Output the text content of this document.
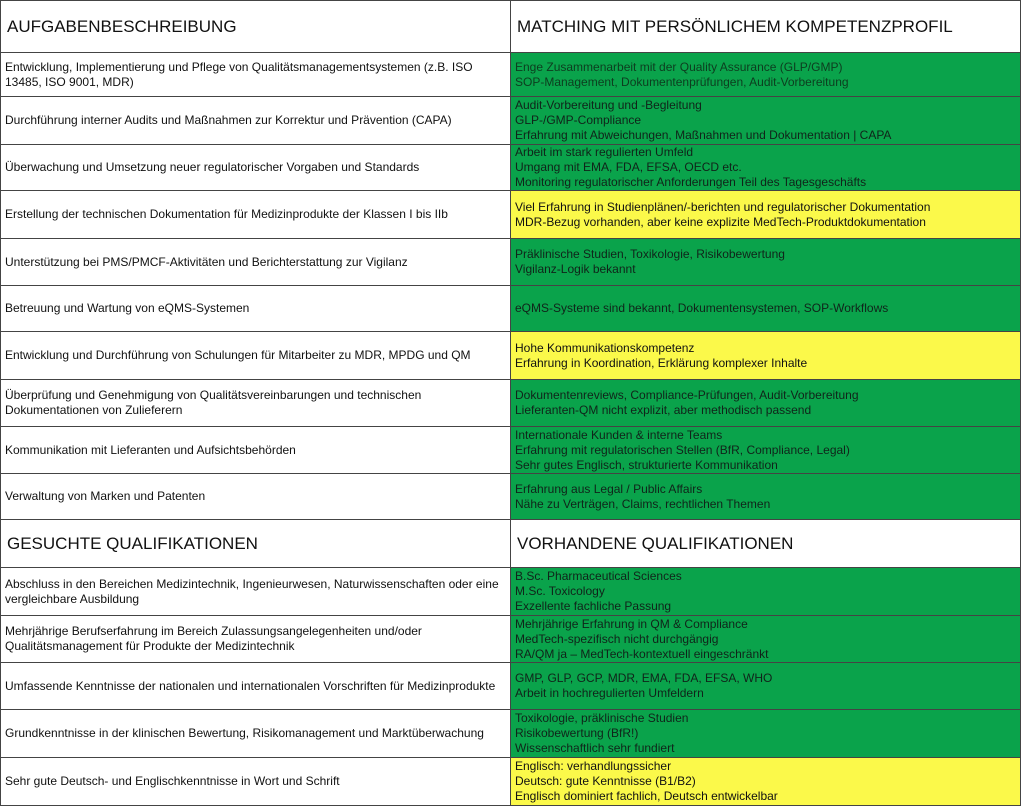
AUFGABENBESCHREIBUNG	MATCHING MIT PERSÖNLICHEM KOMPETENZPROFIL
Entwicklung, Implementierung und Pflege von Qualitätsmanagementsystemen (z.B. ISO 13485, ISO 9001, MDR)	Enge Zusammenarbeit mit der Quality Assurance (GLP/GMP)
SOP-Management, Dokumentenprüfungen, Audit-Vorbereitung

Durchführung interner Audits und Maßnahmen zur Korrektur und Prävention (CAPA)	Audit-Vorbereitung und -Begleitung
GLP-/GMP-Compliance
Erfahrung mit Abweichungen, Maßnahmen und Dokumentation | CAPA

Überwachung und Umsetzung neuer regulatorischer Vorgaben und Standards	Arbeit im stark regulierten Umfeld
Umgang mit EMA, FDA, EFSA, OECD etc.
Monitoring regulatorischer Anforderungen Teil des Tagesgeschäfts

Erstellung der technischen Dokumentation für Medizinprodukte der Klassen I bis IIb	Viel Erfahrung in Studienplänen/-berichten und regulatorischer Dokumentation
MDR-Bezug vorhanden, aber keine explizite MedTech-Produktdokumentation

Unterstützung bei PMS/PMCF-Aktivitäten und Berichterstattung zur Vigilanz	Präklinische Studien, Toxikologie, Risikobewertung
Vigilanz-Logik bekannt

Betreuung und Wartung von eQMS-Systemen	eQMS-Systeme sind bekannt, Dokumentensystemen, SOP-Workflows

Entwicklung und Durchführung von Schulungen für Mitarbeiter zu MDR, MPDG und QM	Hohe Kommunikationskompetenz
Erfahrung in Koordination, Erklärung komplexer Inhalte

Überprüfung und Genehmigung von Qualitätsvereinbarungen und technischen Dokumentationen von Zulieferern	Dokumentenreviews, Compliance-Prüfungen, Audit-Vorbereitung
Lieferanten-QM nicht explizit, aber methodisch passend

Kommunikation mit Lieferanten und Aufsichtsbehörden	Internationale Kunden & interne Teams
Erfahrung mit regulatorischen Stellen (BfR, Compliance, Legal)
Sehr gutes Englisch, strukturierte Kommunikation

Verwaltung von Marken und Patenten	Erfahrung aus Legal / Public Affairs
Nähe zu Verträgen, Claims, rechtlichen Themen

GESUCHTE QUALIFIKATIONEN	VORHANDENE QUALIFIKATIONEN
Abschluss in den Bereichen Medizintechnik, Ingenieurwesen, Naturwissenschaften oder eine vergleichbare Ausbildung	B.Sc. Pharmaceutical Sciences
M.Sc. Toxicology
Exzellente fachliche Passung

Mehrjährige Berufserfahrung im Bereich Zulassungsangelegenheiten und/oder Qualitätsmanagement für Produkte der Medizintechnik	Mehrjährige Erfahrung in QM & Compliance
MedTech-spezifisch nicht durchgängig
RA/QM ja – MedTech-kontextuell eingeschränkt

Umfassende Kenntnisse der nationalen und internationalen Vorschriften für Medizinprodukte	GMP, GLP, GCP, MDR, EMA, FDA, EFSA, WHO
Arbeit in hochregulierten Umfeldern

Grundkenntnisse in der klinischen Bewertung, Risikomanagement und Marktüberwachung	Toxikologie, präklinische Studien
Risikobewertung (BfR!)
Wissenschaftlich sehr fundiert

Sehr gute Deutsch- und Englischkenntnisse in Wort und Schrift	Englisch: verhandlungssicher
Deutsch: gute Kenntnisse (B1/B2)
Englisch dominiert fachlich, Deutsch entwickelbar
